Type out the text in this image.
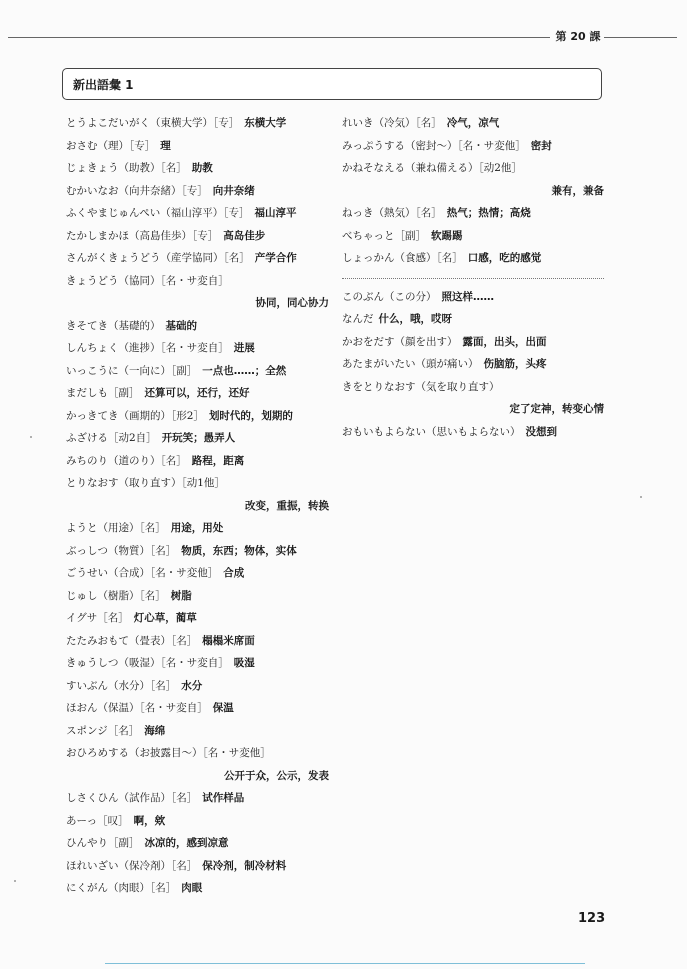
第 20 課
新出語彙 1
とうよこだいがく（東横大学）［专］ 东横大学
おさむ（理）［专］ 理
じょきょう（助教）［名］ 助教
むかいなお（向井奈緒）［专］ 向井奈绪
ふくやまじゅんぺい（福山淳平）［专］ 福山淳平
たかしまかほ（高島佳歩）［专］ 高岛佳步
さんがくきょうどう（産学協同）［名］ 产学合作
きょうどう（協同）［名・サ変自］
协同，同心协力
きそてき（基礎的） 基础的
しんちょく（進捗）［名・サ変自］ 进展
いっこうに（一向に）［副］ 一点也……；全然
まだしも［副］ 还算可以，还行，还好
かっきてき（画期的）［形2］ 划时代的，划期的
ふざける［动2自］ 开玩笑；愚弄人
みちのり（道のり）［名］ 路程，距离
とりなおす（取り直す）［动1他］
改变，重振，转换
ようと（用途）［名］ 用途，用处
ぶっしつ（物質）［名］ 物质，东西；物体，实体
ごうせい（合成）［名・サ変他］ 合成
じゅし（樹脂）［名］ 树脂
イグサ［名］ 灯心草，蔺草
たたみおもて（畳表）［名］ 榻榻米席面
きゅうしつ（吸湿）［名・サ変自］ 吸湿
すいぶん（水分）［名］ 水分
ほおん（保温）［名・サ変自］ 保温
スポンジ［名］ 海绵
おひろめする（お披露目～）［名・サ変他］
公开于众，公示，发表
しさくひん（試作品）［名］ 试作样品
あーっ［叹］ 啊，欸
ひんやり［副］ 冰凉的，感到凉意
ほれいざい（保冷剤）［名］ 保冷剂，制冷材料
にくがん（肉眼）［名］ 肉眼
れいき（冷気）［名］ 冷气，凉气
みっぷうする（密封～）［名・サ変他］ 密封
かねそなえる（兼ね備える）［动2他］
兼有，兼备
ねっき（熱気）［名］ 热气；热情；高烧
べちゃっと［副］ 软踢踢
しょっかん（食感）［名］ 口感，吃的感觉
このぶん（この分） 照这样……
なんだ 什么，哦，哎呀
かおをだす（顔を出す） 露面，出头，出面
あたまがいたい（頭が痛い） 伤脑筋，头疼
きをとりなおす（気を取り直す）
定了定神，转变心情
おもいもよらない（思いもよらない） 没想到
123
